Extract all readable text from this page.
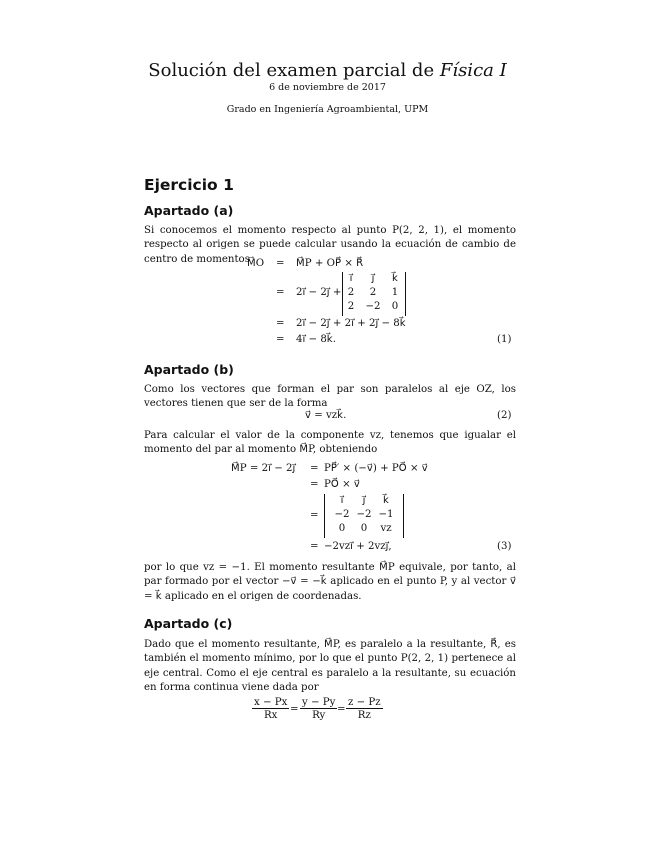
Solución del examen parcial de Física I
6 de noviembre de 2017
Grado en Ingeniería Agroambiental, UPM
Ejercicio 1
Apartado (a)
Si conocemos el momento respecto al punto P(2, 2, 1), el momento respecto al origen se puede calcular usando la ecuación de cambio de centro de momentos
M⃗O = M⃗P + OP⃗ × R⃗
= 2i⃗ − 2j⃗ +
i⃗	j⃗	k⃗
2	2	1
2	−2	0
= 2i⃗ − 2j⃗ + 2i⃗ + 2j⃗ − 8k⃗
= 4i⃗ − 8k⃗.	(1)
Apartado (b)
Como los vectores que forman el par son paralelos al eje OZ, los vectores tienen que ser de la forma
v⃗ = vzk⃗.	(2)
Para calcular el valor de la componente vz, tenemos que igualar el momento del par al momento M⃗P, obteniendo
M⃗P = 2i⃗ − 2j⃗ = PP⃗′ × (−v⃗) + PO⃗ × v⃗
= PO⃗ × v⃗
=
i⃗	j⃗	k⃗
−2 −2 −1
0	0	vz
= −2vzi⃗ + 2vzj⃗,	(3)
por lo que vz = −1. El momento resultante M⃗P equivale, por tanto, al par formado por el vector −v⃗ = −k⃗ aplicado en el punto P, y al vector v⃗ = k⃗ aplicado en el origen de coordenadas.
Apartado (c)
Dado que el momento resultante, M⃗P, es paralelo a la resultante, R⃗, es también el momento mínimo, por lo que el punto P(2, 2, 1) pertenece al eje central. Como el eje central es paralelo a la resultante, su ecuación en forma continua viene dada por
$\frac{x - Px}{Rx} = \frac{y - Py}{Ry} = \frac{z - Pz}{Rz}$
